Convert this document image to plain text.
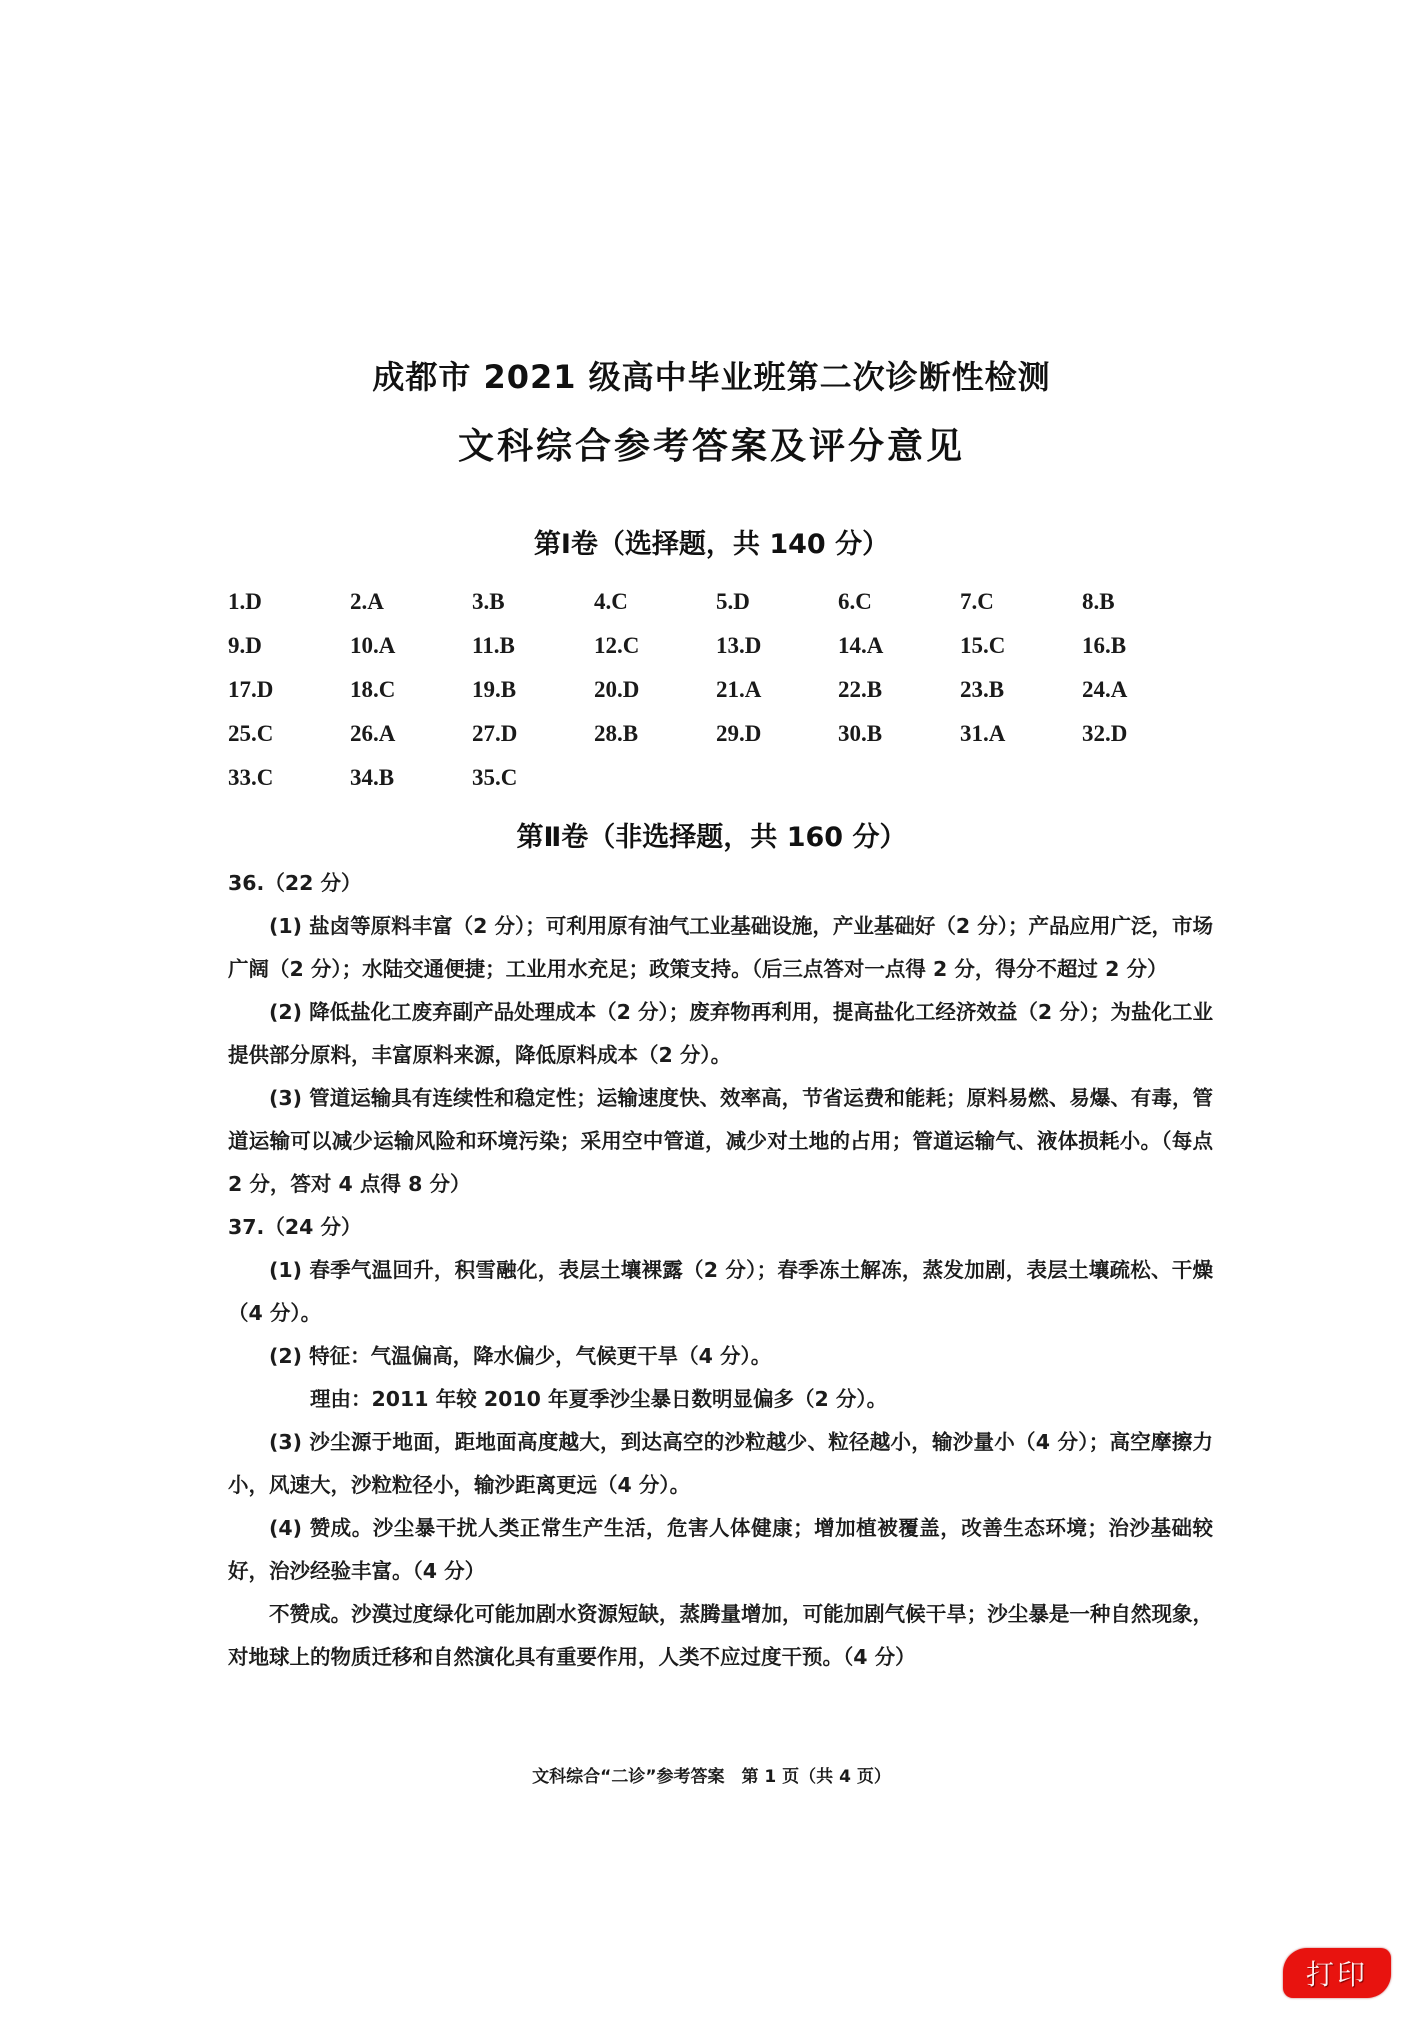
成都市 2021 级高中毕业班第二次诊断性检测
文科综合参考答案及评分意见
第Ⅰ卷（选择题，共 140 分）
1.D	2.A	3.B	4.C	5.D	6.C	7.C	8.B
9.D	10.A	11.B	12.C	13.D	14.A	15.C	16.B
17.D	18.C	19.B	20.D	21.A	22.B	23.B	24.A
25.C	26.A	27.D	28.B	29.D	30.B	31.A	32.D
33.C	34.B	35.C
第Ⅱ卷（非选择题，共 160 分）

36.（22 分）

(1) 盐卤等原料丰富（2 分）；可利用原有油气工业基础设施，产业基础好（2 分）；产品应用广泛，市场广阔（2 分）；水陆交通便捷；工业用水充足；政策支持。（后三点答对一点得 2 分，得分不超过 2 分）

(2) 降低盐化工废弃副产品处理成本（2 分）；废弃物再利用，提高盐化工经济效益（2 分）；为盐化工业提供部分原料，丰富原料来源，降低原料成本（2 分）。

(3) 管道运输具有连续性和稳定性；运输速度快、效率高，节省运费和能耗；原料易燃、易爆、有毒，管道运输可以减少运输风险和环境污染；采用空中管道，减少对土地的占用；管道运输气、液体损耗小。（每点 2 分，答对 4 点得 8 分）

37.（24 分）

(1) 春季气温回升，积雪融化，表层土壤裸露（2 分）；春季冻土解冻，蒸发加剧，表层土壤疏松、干燥（4 分）。

(2) 特征：气温偏高，降水偏少，气候更干旱（4 分）。

理由：2011 年较 2010 年夏季沙尘暴日数明显偏多（2 分）。

(3) 沙尘源于地面，距地面高度越大，到达高空的沙粒越少、粒径越小，输沙量小（4 分）；高空摩擦力小，风速大，沙粒粒径小，输沙距离更远（4 分）。

(4) 赞成。沙尘暴干扰人类正常生产生活，危害人体健康；增加植被覆盖，改善生态环境；治沙基础较好，治沙经验丰富。（4 分）

不赞成。沙漠过度绿化可能加剧水资源短缺，蒸腾量增加，可能加剧气候干旱；沙尘暴是一种自然现象，对地球上的物质迁移和自然演化具有重要作用，人类不应过度干预。（4 分）

文科综合“二诊”参考答案　第 1 页（共 4 页）
打印
